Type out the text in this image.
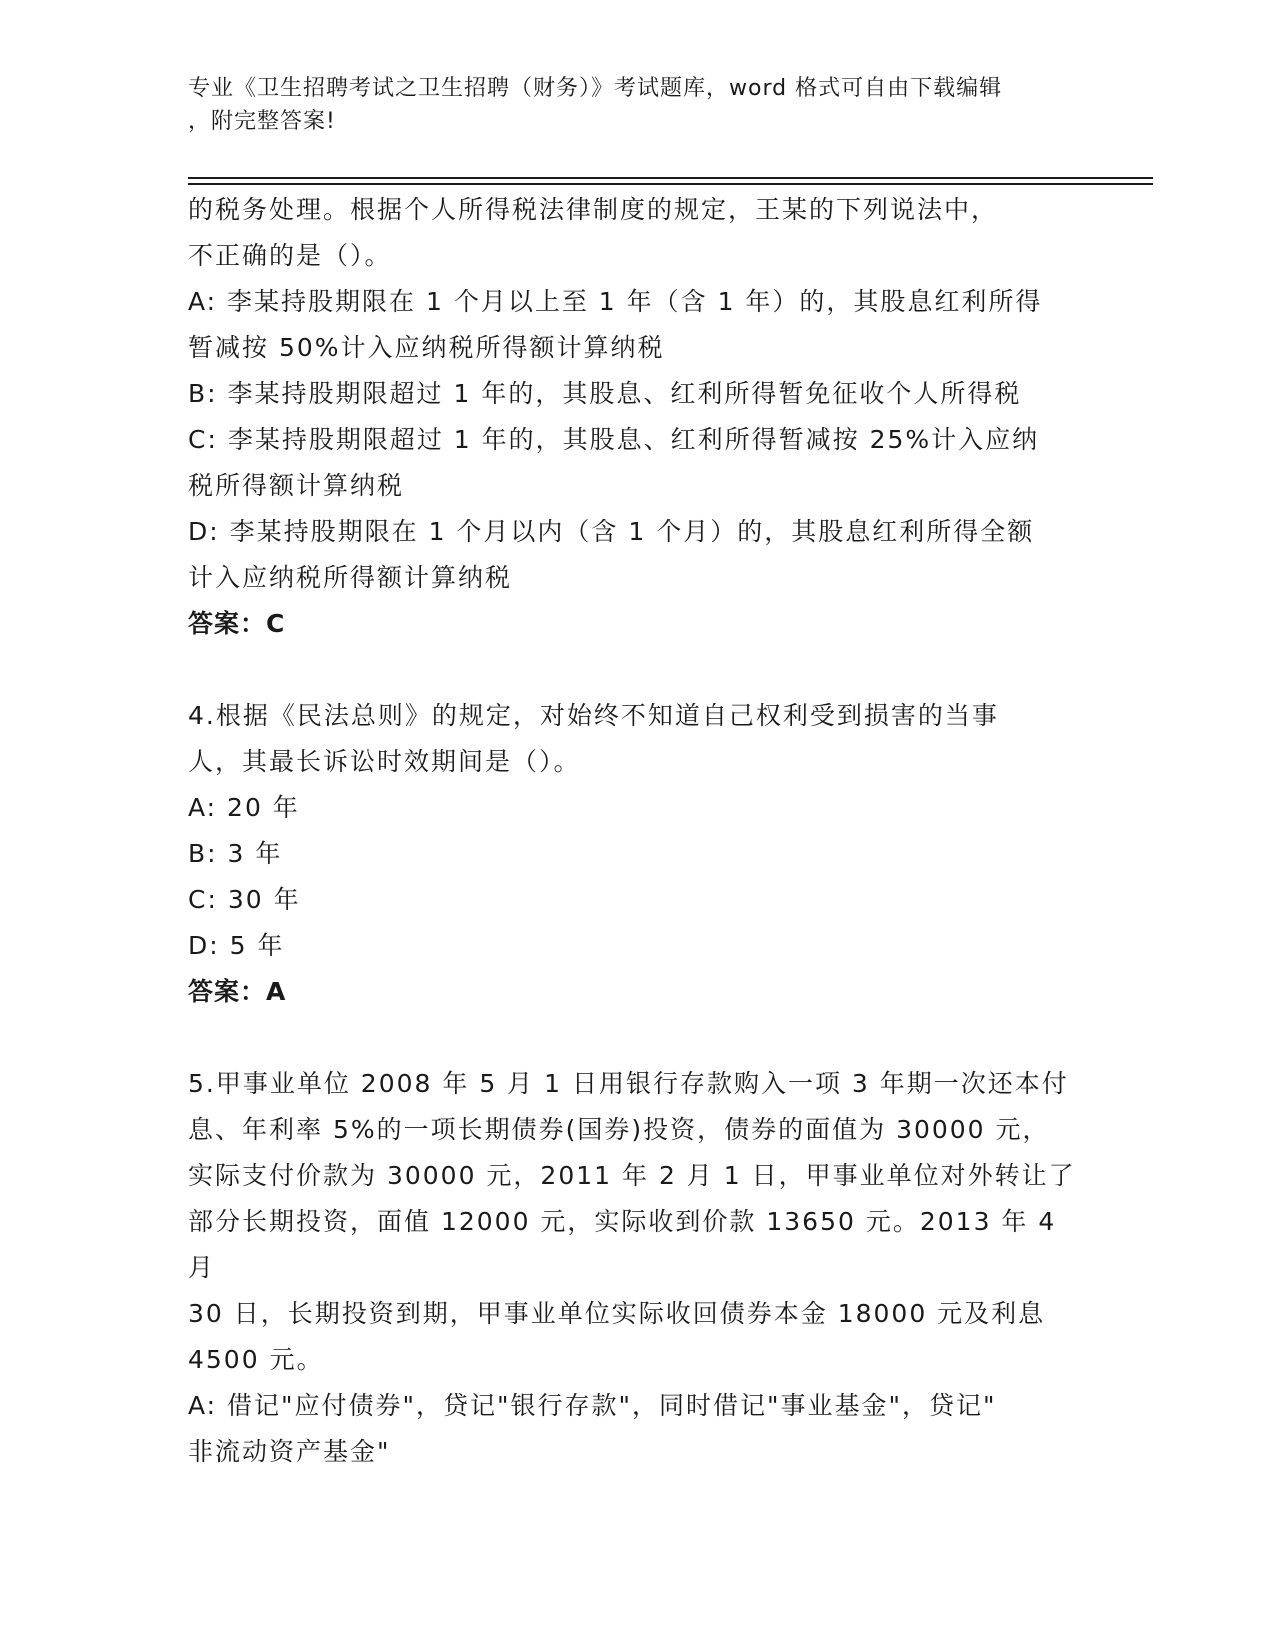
专业《卫生招聘考试之卫生招聘（财务）》考试题库，word 格式可自由下载编辑
，附完整答案!

的税务处理。根据个人所得税法律制度的规定，王某的下列说法中，

不正确的是（）。

A: 李某持股期限在 1 个月以上至 1 年（含 1 年）的，其股息红利所得

暂减按 50%计入应纳税所得额计算纳税

B: 李某持股期限超过 1 年的，其股息、红利所得暂免征收个人所得税

C: 李某持股期限超过 1 年的，其股息、红利所得暂减按 25%计入应纳

税所得额计算纳税

D: 李某持股期限在 1 个月以内（含 1 个月）的，其股息红利所得全额

计入应纳税所得额计算纳税

答案：C

4.根据《民法总则》的规定，对始终不知道自己权利受到损害的当事

人，其最长诉讼时效期间是（）。

A: 20 年

B: 3 年

C: 30 年

D: 5 年

答案：A

5.甲事业单位 2008 年 5 月 1 日用银行存款购入一项 3 年期一次还本付

息、年利率 5%的一项长期债券(国券)投资，债券的面值为 30000 元，

实际支付价款为 30000 元，2011 年 2 月 1 日，甲事业单位对外转让了

部分长期投资，面值 12000 元，实际收到价款 13650 元。2013 年 4 月

30 日，长期投资到期，甲事业单位实际收回债券本金 18000 元及利息

4500 元。

A: 借记"应付债券"，贷记"银行存款"，同时借记"事业基金"，贷记"

非流动资产基金"
